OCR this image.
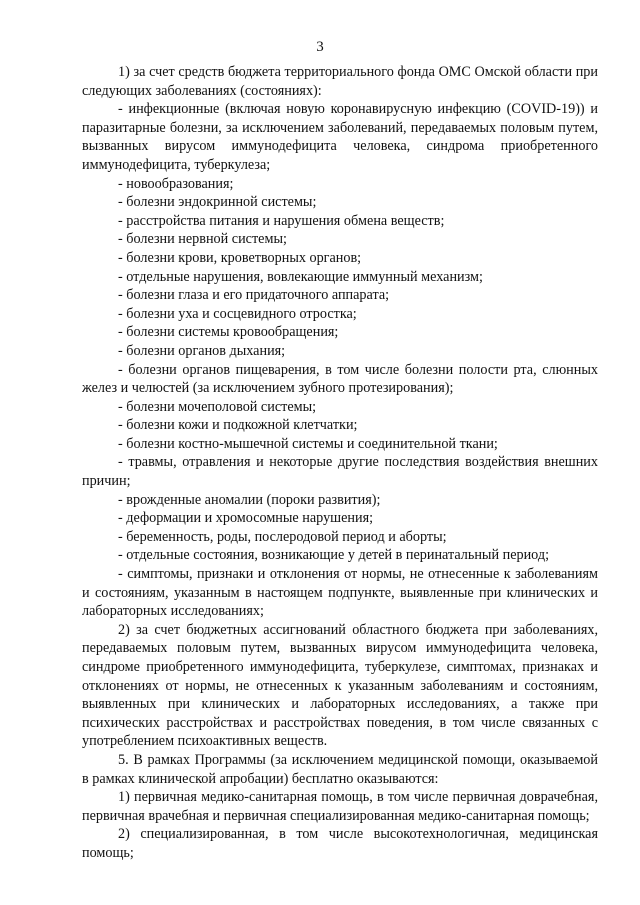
3

1) за счет средств бюджета территориального фонда ОМС Омской области при следующих заболеваниях (состояниях):

- инфекционные (включая новую коронавирусную инфекцию (COVID-19)) и паразитарные болезни, за исключением заболеваний, передаваемых половым путем, вызванных вирусом иммунодефицита человека, синдрома приобретенного иммунодефицита, туберкулеза;

- новообразования;

- болезни эндокринной системы;

- расстройства питания и нарушения обмена веществ;

- болезни нервной системы;

- болезни крови, кроветворных органов;

- отдельные нарушения, вовлекающие иммунный механизм;

- болезни глаза и его придаточного аппарата;

- болезни уха и сосцевидного отростка;

- болезни системы кровообращения;

- болезни органов дыхания;

- болезни органов пищеварения, в том числе болезни полости рта, слюнных желез и челюстей (за исключением зубного протезирования);

- болезни мочеполовой системы;

- болезни кожи и подкожной клетчатки;

- болезни костно-мышечной системы и соединительной ткани;

- травмы, отравления и некоторые другие последствия воздействия внешних причин;

- врожденные аномалии (пороки развития);

- деформации и хромосомные нарушения;

- беременность, роды, послеродовой период и аборты;

- отдельные состояния, возникающие у детей в перинатальный период;

- симптомы, признаки и отклонения от нормы, не отнесенные к заболеваниям и состояниям, указанным в настоящем подпункте, выявленные при клинических и лабораторных исследованиях;

2) за счет бюджетных ассигнований областного бюджета при заболеваниях, передаваемых половым путем, вызванных вирусом иммунодефицита человека, синдроме приобретенного иммунодефицита, туберкулезе, симптомах, признаках и отклонениях от нормы, не отнесенных к указанным заболеваниям и состояниям, выявленных при клинических и лабораторных исследованиях, а также при психических расстройствах и расстройствах поведения, в том числе связанных с употреблением психоактивных веществ.

5. В рамках Программы (за исключением медицинской помощи, оказываемой в рамках клинической апробации) бесплатно оказываются:

1) первичная медико-санитарная помощь, в том числе первичная доврачебная, первичная врачебная и первичная специализированная медико-санитарная помощь;

2) специализированная, в том числе высокотехнологичная, медицинская помощь;
